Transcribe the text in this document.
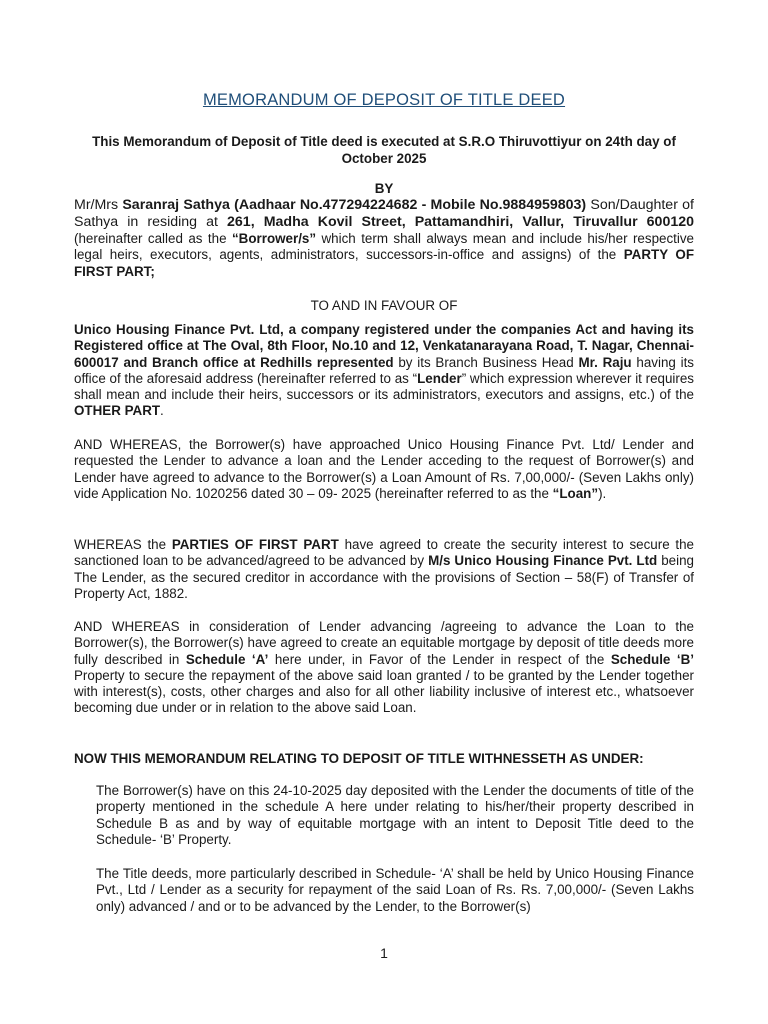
MEMORANDUM OF DEPOSIT OF TITLE DEED
This Memorandum of Deposit of Title deed is executed at S.R.O Thiruvottiyur on 24th day of October 2025
BY
Mr/Mrs Saranraj Sathya (Aadhaar No.477294224682 - Mobile No.9884959803) Son/Daughter of Sathya in residing at 261, Madha Kovil Street, Pattamandhiri, Vallur, Tiruvallur 600120 (hereinafter called as the “Borrower/s” which term shall always mean and include his/her respective legal heirs, executors, agents, administrators, successors-in-office and assigns) of the PARTY OF FIRST PART;
TO AND IN FAVOUR OF
Unico Housing Finance Pvt. Ltd, a company registered under the companies Act and having its Registered office at The Oval, 8th Floor, No.10 and 12, Venkatanarayana Road, T. Nagar, Chennai-600017 and Branch office at Redhills represented by its Branch Business Head Mr. Raju having its office of the aforesaid address (hereinafter referred to as “Lender” which expression wherever it requires shall mean and include their heirs, successors or its administrators, executors and assigns, etc.) of the OTHER PART.
AND WHEREAS, the Borrower(s) have approached Unico Housing Finance Pvt. Ltd/ Lender and requested the Lender to advance a loan and the Lender acceding to the request of Borrower(s) and Lender have agreed to advance to the Borrower(s) a Loan Amount of Rs. 7,00,000/- (Seven Lakhs only) vide Application No. 1020256 dated 30 – 09- 2025 (hereinafter referred to as the “Loan”).
WHEREAS the PARTIES OF FIRST PART have agreed to create the security interest to secure the sanctioned loan to be advanced/agreed to be advanced by M/s Unico Housing Finance Pvt. Ltd being The Lender, as the secured creditor in accordance with the provisions of Section – 58(F) of Transfer of Property Act, 1882.
AND WHEREAS in consideration of Lender advancing /agreeing to advance the Loan to the Borrower(s), the Borrower(s) have agreed to create an equitable mortgage by deposit of title deeds more fully described in Schedule ‘A’ here under, in Favor of the Lender in respect of the Schedule ‘B’ Property to secure the repayment of the above said loan granted / to be granted by the Lender together with interest(s), costs, other charges and also for all other liability inclusive of interest etc., whatsoever becoming due under or in relation to the above said Loan.
NOW THIS MEMORANDUM RELATING TO DEPOSIT OF TITLE WITHNESSETH AS UNDER:
The Borrower(s) have on this 24-10-2025 day deposited with the Lender the documents of title of the property mentioned in the schedule A here under relating to his/her/their property described in Schedule B as and by way of equitable mortgage with an intent to Deposit Title deed to the Schedule- ‘B’ Property.
The Title deeds, more particularly described in Schedule- ‘A’ shall be held by Unico Housing Finance Pvt., Ltd / Lender as a security for repayment of the said Loan of Rs. Rs. 7,00,000/- (Seven Lakhs only) advanced / and or to be advanced by the Lender, to the Borrower(s)
1
